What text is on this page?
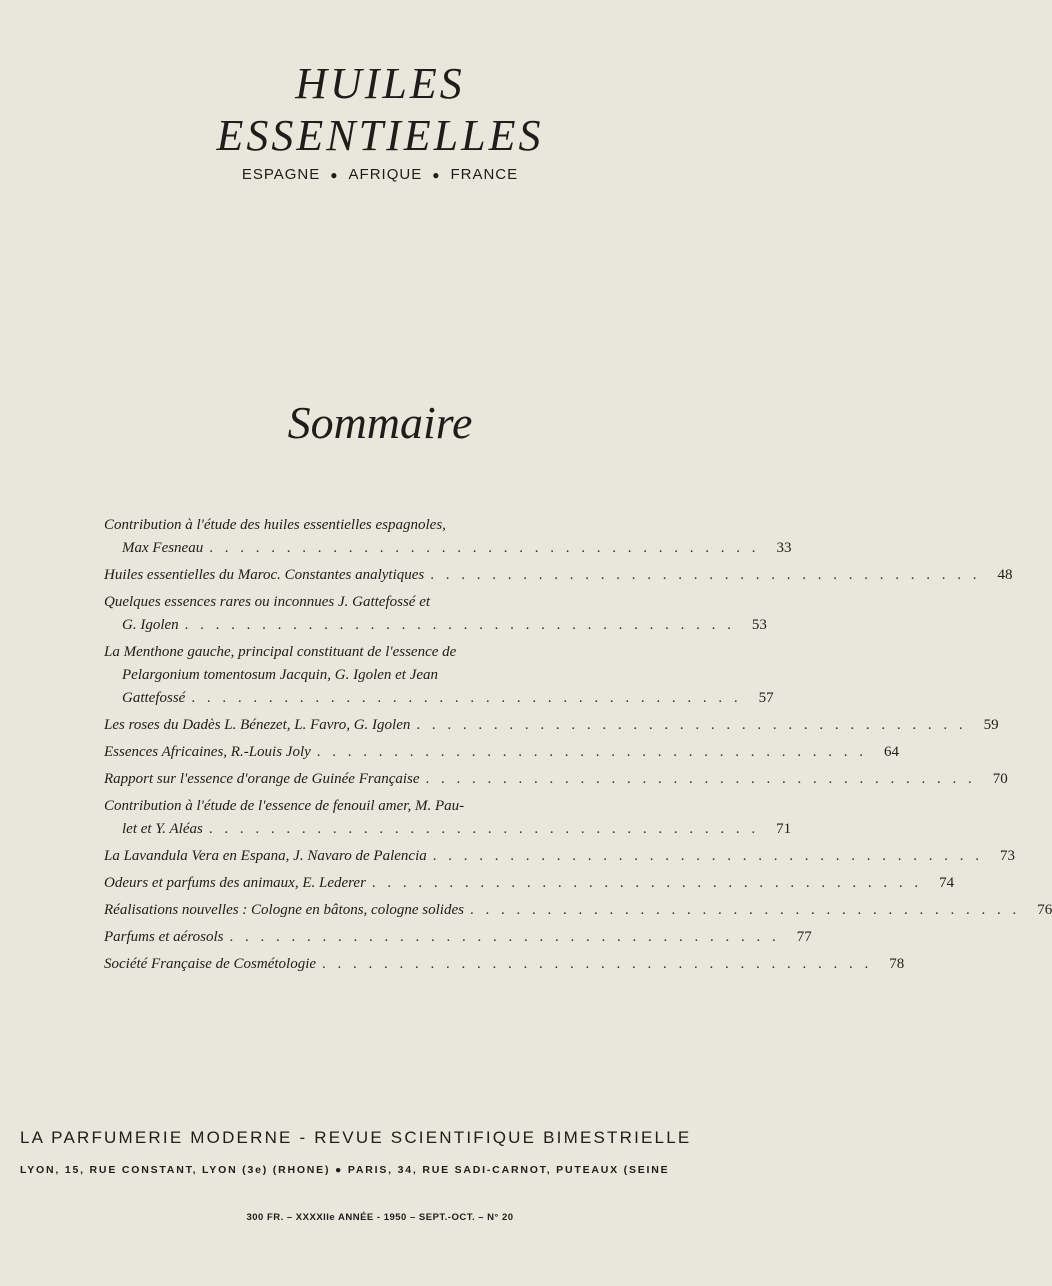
HUILES
ESSENTIELLES
ESPAGNE ● AFRIQUE ● FRANCE
Sommaire
Contribution à l'étude des huiles essentielles espagnoles,
Max Fesneau . . . . . . . . . . . . . . . . . . . . . . . . . . . . . . . . . . . .	33
Huiles essentielles du Maroc. Constantes analytiques . . . . . . . . . . . . . . . . . . . . . . . . . . . . . . . . . . . .	48
Quelques essences rares ou inconnues J. Gattefossé et
G. Igolen . . . . . . . . . . . . . . . . . . . . . . . . . . . . . . . . . . . .	53
La Menthone gauche, principal constituant de l'essence de
Pelargonium tomentosum Jacquin, G. Igolen et Jean
Gattefossé . . . . . . . . . . . . . . . . . . . . . . . . . . . . . . . . . . . .	57
Les roses du Dadès L. Bénezet, L. Favro, G. Igolen . . . . . . . . . . . . . . . . . . . . . . . . . . . . . . . . . . . .	59
Essences Africaines, R.-Louis Joly . . . . . . . . . . . . . . . . . . . . . . . . . . . . . . . . . . . .	64
Rapport sur l'essence d'orange de Guinée Française . . . . . . . . . . . . . . . . . . . . . . . . . . . . . . . . . . . .	70
Contribution à l'étude de l'essence de fenouil amer, M. Pau-
let et Y. Aléas . . . . . . . . . . . . . . . . . . . . . . . . . . . . . . . . . . . .	71
La Lavandula Vera en Espana, J. Navaro de Palencia . . . . . . . . . . . . . . . . . . . . . . . . . . . . . . . . . . . .	73
Odeurs et parfums des animaux, E. Lederer . . . . . . . . . . . . . . . . . . . . . . . . . . . . . . . . . . . .	74
Réalisations nouvelles : Cologne en bâtons, cologne solides . . . . . . . . . . . . . . . . . . . . . . . . . . . . . . . . . . . .	76
Parfums et aérosols . . . . . . . . . . . . . . . . . . . . . . . . . . . . . . . . . . . .	77
Société Française de Cosmétologie . . . . . . . . . . . . . . . . . . . . . . . . . . . . . . . . . . . .	78
LA PARFUMERIE MODERNE - REVUE SCIENTIFIQUE BIMESTRIELLE
LYON, 15, RUE CONSTANT, LYON (3e) (RHONE) ● PARIS, 34, RUE SADI-CARNOT, PUTEAUX (SEINE
300 FR. – XXXXIIe ANNÉE - 1950 – SEPT.-OCT. – N° 20
